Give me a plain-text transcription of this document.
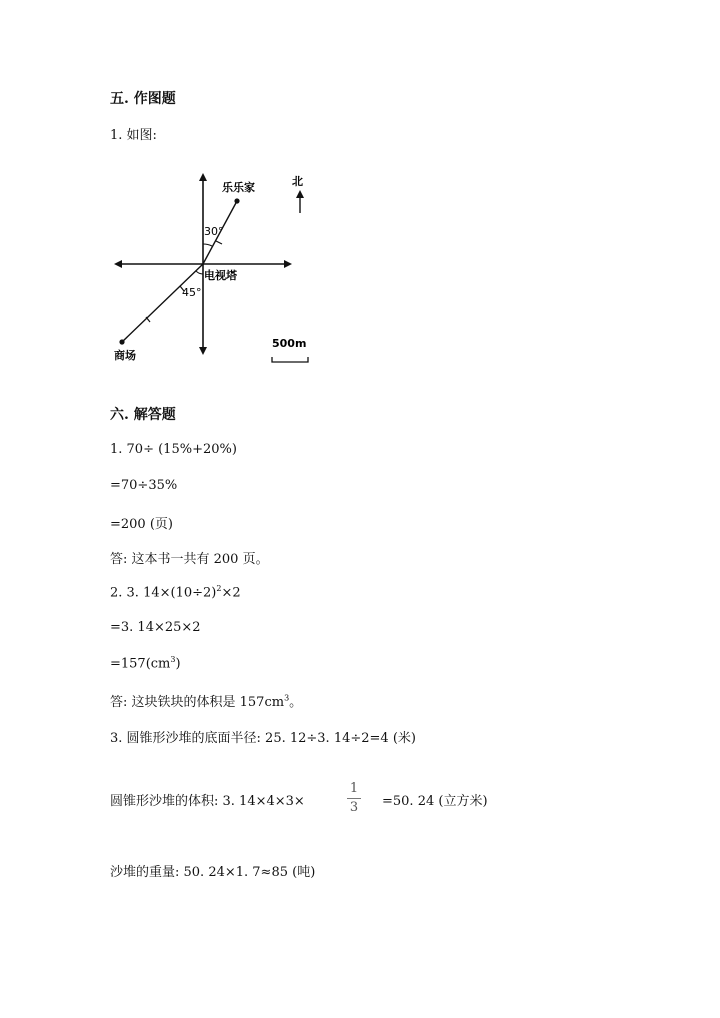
五. 作图题
1. 如图:
乐乐家	北
30°
电视塔
45°
商场
500m
六. 解答题
1. 70÷ (15%+20%)
=70÷35%
=200 (页)
答: 这本书一共有 200 页。
2. 3. $14\times(10\div 2)^2\times 2$
=3. 14×25×2
$=157(cm^3)$
答: 这块铁块的体积是 $157cm^3$。
3. 圆锥形沙堆的底面半径: 25. 12÷3. 14÷2=4 (米)
圆锥形沙堆的体积: 3. 14×4×3×
1
3 =50. 24 (立方米)
沙堆的重量: 50. 24×1. 7≈85 (吨)
